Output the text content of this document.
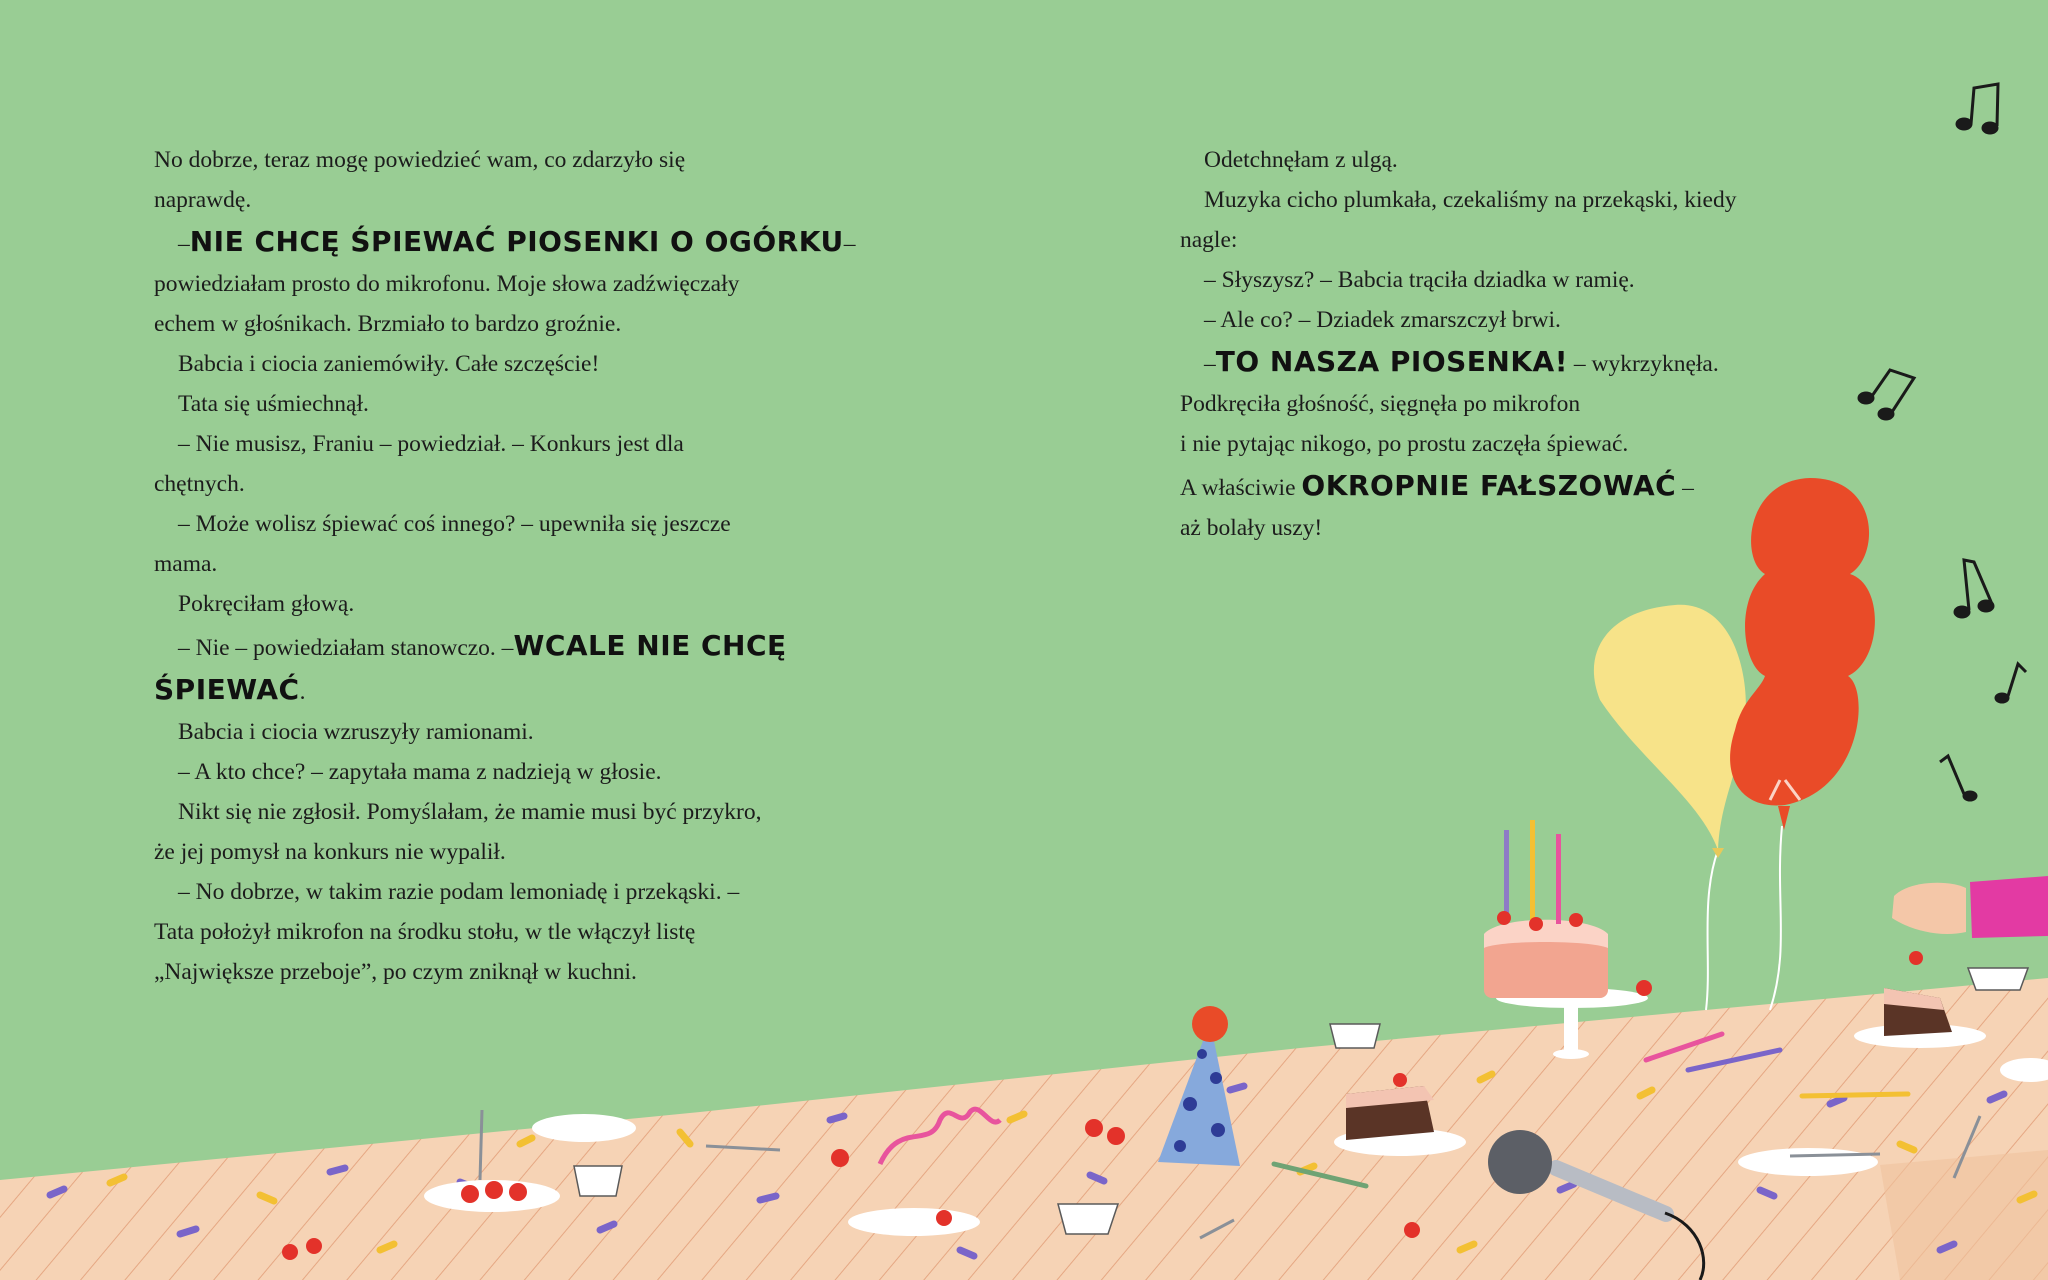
No dobrze, teraz mogę powiedzieć wam, co zdarzyło się
naprawdę.
–NIE CHCĘ ŚPIEWAĆ PIOSENKI O OGÓRKU–
powiedziałam prosto do mikrofonu. Moje słowa zadźwięczały
echem w głośnikach. Brzmiało to bardzo groźnie.
Babcia i ciocia zaniemówiły. Całe szczęście!
Tata się uśmiechnął.
– Nie musisz, Franiu – powiedział. – Konkurs jest dla
chętnych.
– Może wolisz śpiewać coś innego? – upewniła się jeszcze
mama.
Pokręciłam głową.
– Nie – powiedziałam stanowczo. –WCALE NIE CHCĘ
ŚPIEWAĆ.
Babcia i ciocia wzruszyły ramionami.
– A kto chce? – zapytała mama z nadzieją w głosie.
Nikt się nie zgłosił. Pomyślałam, że mamie musi być przykro,
że jej pomysł na konkurs nie wypalił.
– No dobrze, w takim razie podam lemoniadę i przekąski. –
Tata położył mikrofon na środku stołu, w tle włączył listę
„Największe przeboje”, po czym zniknął w kuchni.
Odetchnęłam z ulgą.
Muzyka cicho plumkała, czekaliśmy na przekąski, kiedy
nagle:
– Słyszysz? – Babcia trąciła dziadka w ramię.
– Ale co? – Dziadek zmarszczył brwi.
–TO NASZA PIOSENKA! – wykrzyknęła.
Podkręciła głośność, sięgnęła po mikrofon
i nie pytając nikogo, po prostu zaczęła śpiewać.
A właściwie OKROPNIE FAŁSZOWAĆ –
aż bolały uszy!
